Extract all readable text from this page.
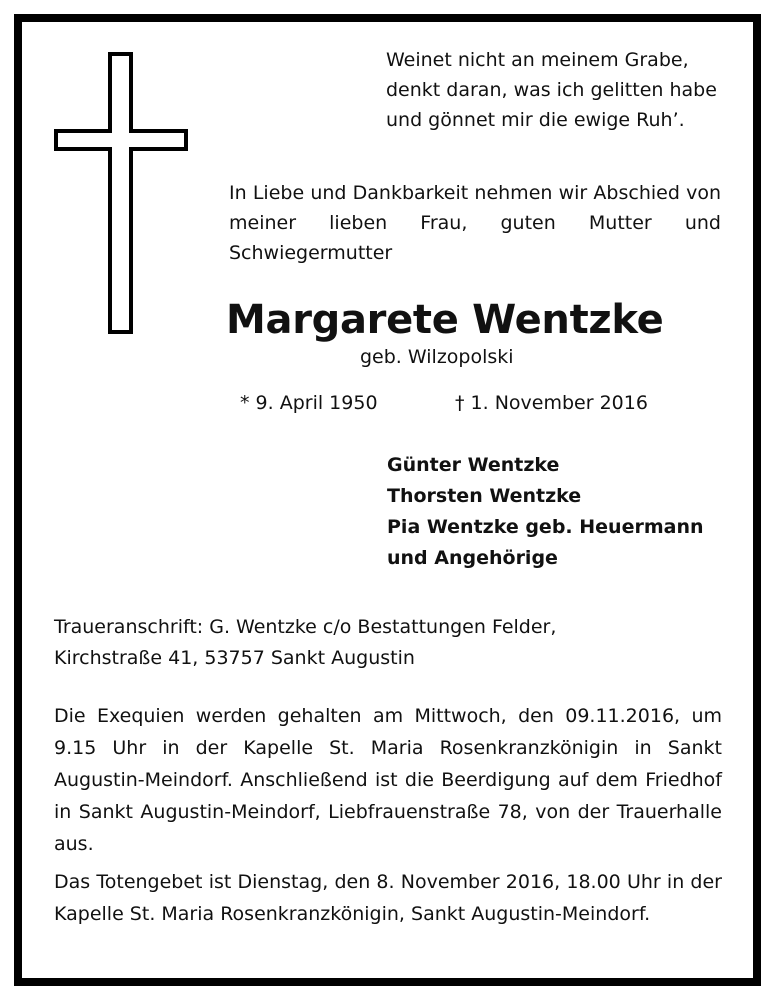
Weinet nicht an meinem Grabe,
denkt daran, was ich gelitten habe
und gönnet mir die ewige Ruh’.

In Liebe und Dankbarkeit nehmen wir Abschied von meiner lieben Frau, guten Mutter und Schwiegermutter

Margarete Wentzke
geb. Wilzopolski
* 9. April 1950	† 1. November 2016
Günter Wentzke
Thorsten Wentzke
Pia Wentzke geb. Heuermann
und Angehörige
Traueranschrift: G. Wentzke c/o Bestattungen Felder,
Kirchstraße 41, 53757 Sankt Augustin

Die Exequien werden gehalten am Mittwoch, den 09.11.2016, um 9.15 Uhr in der Kapelle St. Maria Rosenkranzkönigin in Sankt Augustin-Meindorf. Anschließend ist die Beerdigung auf dem Friedhof in Sankt Augustin-Meindorf, Liebfrauenstraße 78, von der Trauerhalle aus.

Das Totengebet ist Dienstag, den 8. November 2016, 18.00 Uhr in der Kapelle St. Maria Rosenkranzkönigin, Sankt Augustin-Meindorf.
